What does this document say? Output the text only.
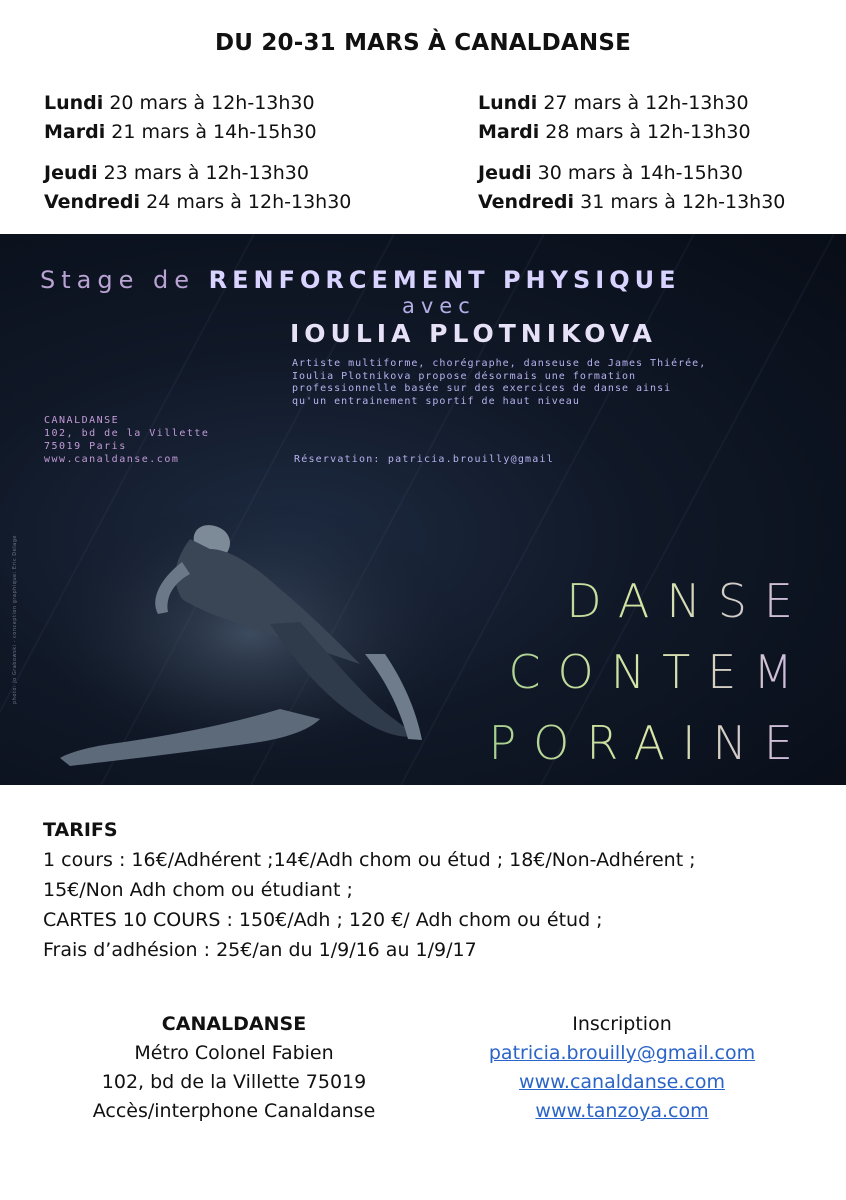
DU 20-31 MARS À CANALDANSE
Lundi 20 mars à 12h-13h30
Mardi 21 mars à 14h-15h30
Jeudi 23 mars à 12h-13h30
Vendredi 24 mars à 12h-13h30
Lundi 27 mars à 12h-13h30
Mardi 28 mars à 12h-13h30
Jeudi 30 mars à 14h-15h30
Vendredi 31 mars à 12h-13h30
Stage de RENFORCEMENT PHYSIQUE
avec
IOULIA PLOTNIKOVA
Artiste multiforme, chorégraphe, danseuse de James Thiérée,
Ioulia Plotnikova propose désormais une formation
professionnelle basée sur des exercices de danse ainsi
qu'un entrainement sportif de haut niveau
CANALDANSE
102, bd de la Villette
75019 Paris
www.canaldanse.com	Réservation: patricia.brouilly@gmail
photo: Jo Grabowski - conception graphique: Eric Delage	DANSE
CONTEM
PORAINE
TARIFS
1 cours : 16€/Adhérent ;14€/Adh chom ou étud ; 18€/Non-Adhérent ;
15€/Non Adh chom ou étudiant ;
CARTES 10 COURS : 150€/Adh ; 120 €/ Adh chom ou étud ;
Frais d’adhésion : 25€/an du 1/9/16 au 1/9/17
CANALDANSE
Métro Colonel Fabien
102, bd de la Villette 75019
Accès/interphone Canaldanse
Inscription
patricia.brouilly@gmail.com
www.canaldanse.com
www.tanzoya.com
